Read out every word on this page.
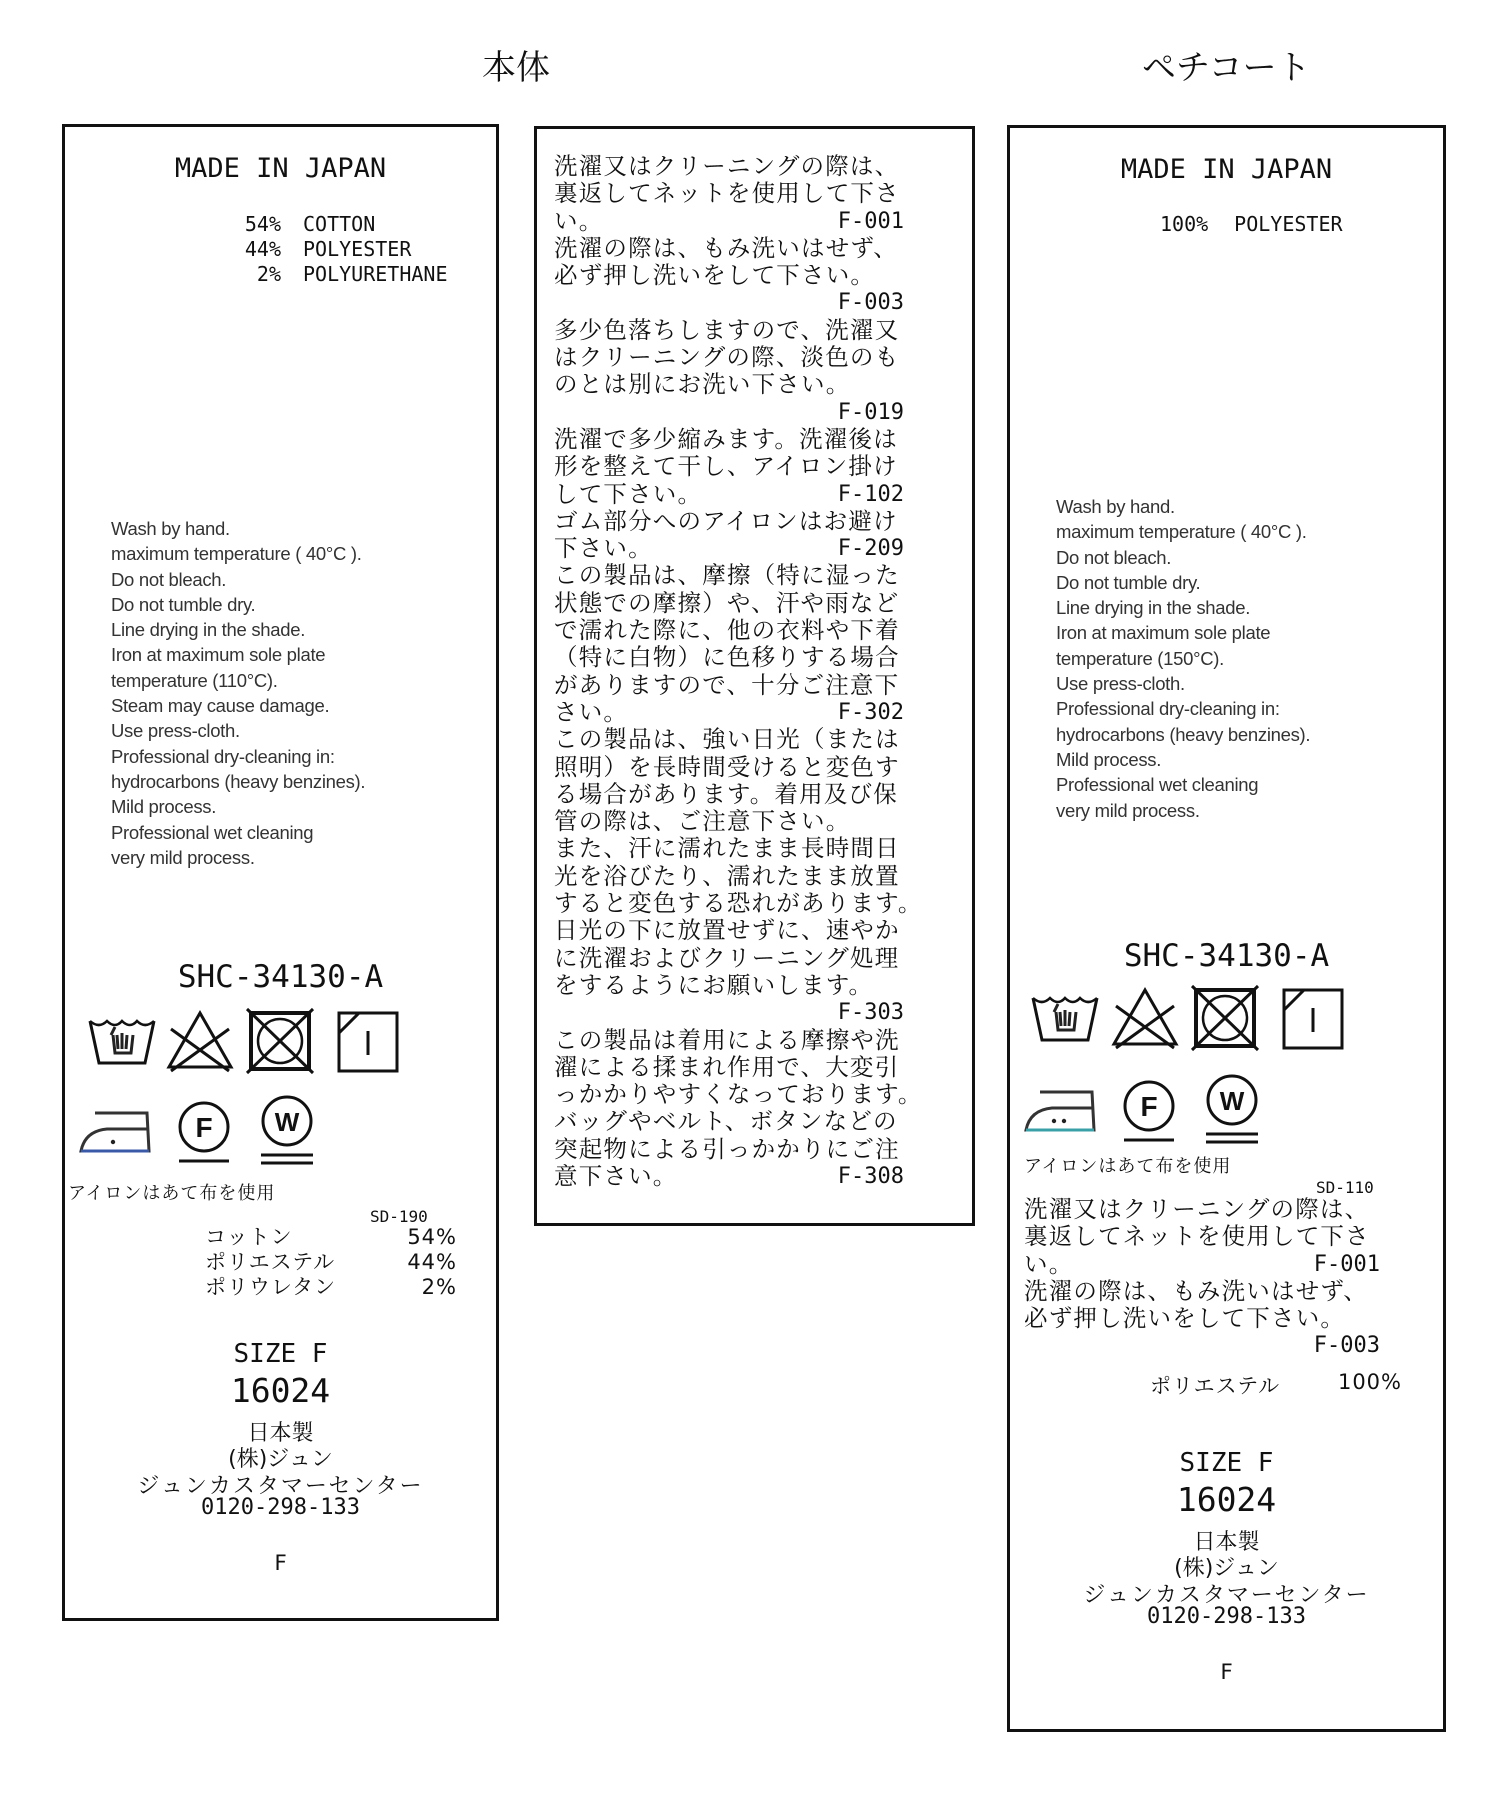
本体	ペチコート
MADE IN JAPAN
54% COTTON
44% POLYESTER
2% POLYURETHANE
Wash by hand.
maximum temperature ( 40°C ).
Do not bleach.
Do not tumble dry.
Line drying in the shade.
Iron at maximum sole plate
temperature (110°C).
Steam may cause damage.
Use press-cloth.
Professional dry-cleaning in:
hydrocarbons (heavy benzines).
Mild process.
Professional wet cleaning
very mild process.
SHC-34130-A
F W
アイロンはあて布を使用
SD-190
コットン	54%
ポリエステル	44%
ポリウレタン	2%
SIZE F
16024
日本製
(株)ジュン
ジュンカスタマーセンター
0120-298-133
F
洗濯又はクリーニングの際は、
裏返してネットを使用して下さ
い。	F-001
洗濯の際は、もみ洗いはせず、
必ず押し洗いをして下さい。
F-003
多少色落ちしますので、洗濯又
はクリーニングの際、淡色のも
のとは別にお洗い下さい。
F-019
洗濯で多少縮みます。洗濯後は
形を整えて干し、アイロン掛け
して下さい。	F-102
ゴム部分へのアイロンはお避け
下さい。	F-209
この製品は、摩擦（特に湿った
状態での摩擦）や、汗や雨など
で濡れた際に、他の衣料や下着
（特に白物）に色移りする場合
がありますので、十分ご注意下
さい。	F-302
この製品は、強い日光（または
照明）を長時間受けると変色す
る場合があります。着用及び保
管の際は、ご注意下さい。
また、汗に濡れたまま長時間日
光を浴びたり、濡れたまま放置
すると変色する恐れがあります。
日光の下に放置せずに、速やか
に洗濯およびクリーニング処理
をするようにお願いします。
F-303
この製品は着用による摩擦や洗
濯による揉まれ作用で、大変引
っかかりやすくなっております。
バッグやベルト、ボタンなどの
突起物による引っかかりにご注
意下さい。	F-308
MADE IN JAPAN
100% POLYESTER
Wash by hand.
maximum temperature ( 40°C ).
Do not bleach.
Do not tumble dry.
Line drying in the shade.
Iron at maximum sole plate
temperature (150°C).
Use press-cloth.
Professional dry-cleaning in:
hydrocarbons (heavy benzines).
Mild process.
Professional wet cleaning
very mild process.
SHC-34130-A
F W
アイロンはあて布を使用
SD-110
洗濯又はクリーニングの際は、
裏返してネットを使用して下さ
い。	F-001
洗濯の際は、もみ洗いはせず、
必ず押し洗いをして下さい。
F-003
ポリエステル	100%
SIZE F
16024
日本製
(株)ジュン
ジュンカスタマーセンター
0120-298-133
F
